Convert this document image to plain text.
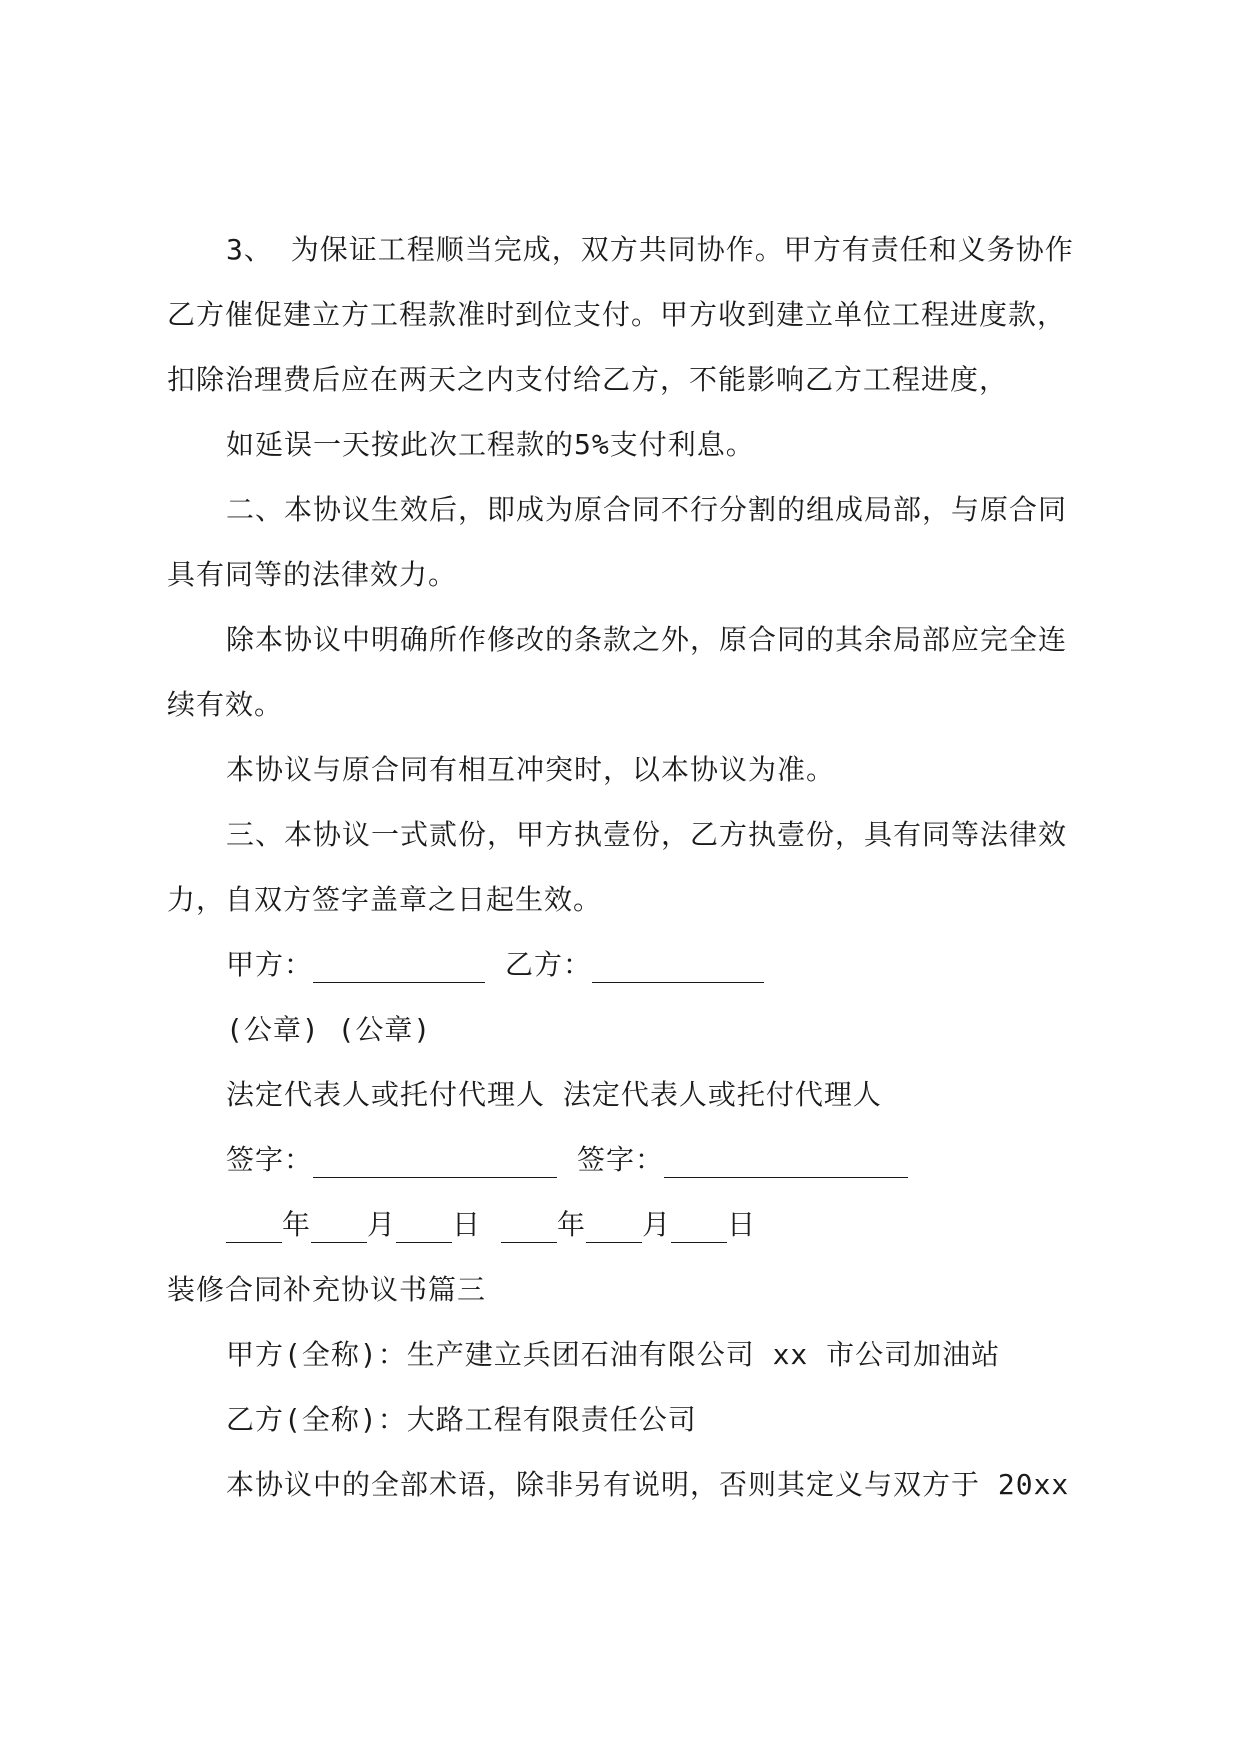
3、 为保证工程顺当完成，双方共同协作。甲方有责任和义务协作
乙方催促建立方工程款准时到位支付。甲方收到建立单位工程进度款，
扣除治理费后应在两天之内支付给乙方，不能影响乙方工程进度，
如延误一天按此次工程款的5%支付利息。
二、本协议生效后，即成为原合同不行分割的组成局部，与原合同
具有同等的法律效力。
除本协议中明确所作修改的条款之外，原合同的其余局部应完全连
续有效。
本协议与原合同有相互冲突时，以本协议为准。
三、本协议一式贰份，甲方执壹份，乙方执壹份，具有同等法律效
力，自双方签字盖章之日起生效。
甲方：	乙方：
(公章) (公章)
法定代表人或托付代理人 法定代表人或托付代理人
签字：	签字：
年 月 日	年 月 日
装修合同补充协议书篇三
甲方(全称)：生产建立兵团石油有限公司 xx 市公司加油站
乙方(全称)：大路工程有限责任公司
本协议中的全部术语，除非另有说明，否则其定义与双方于 20xx
